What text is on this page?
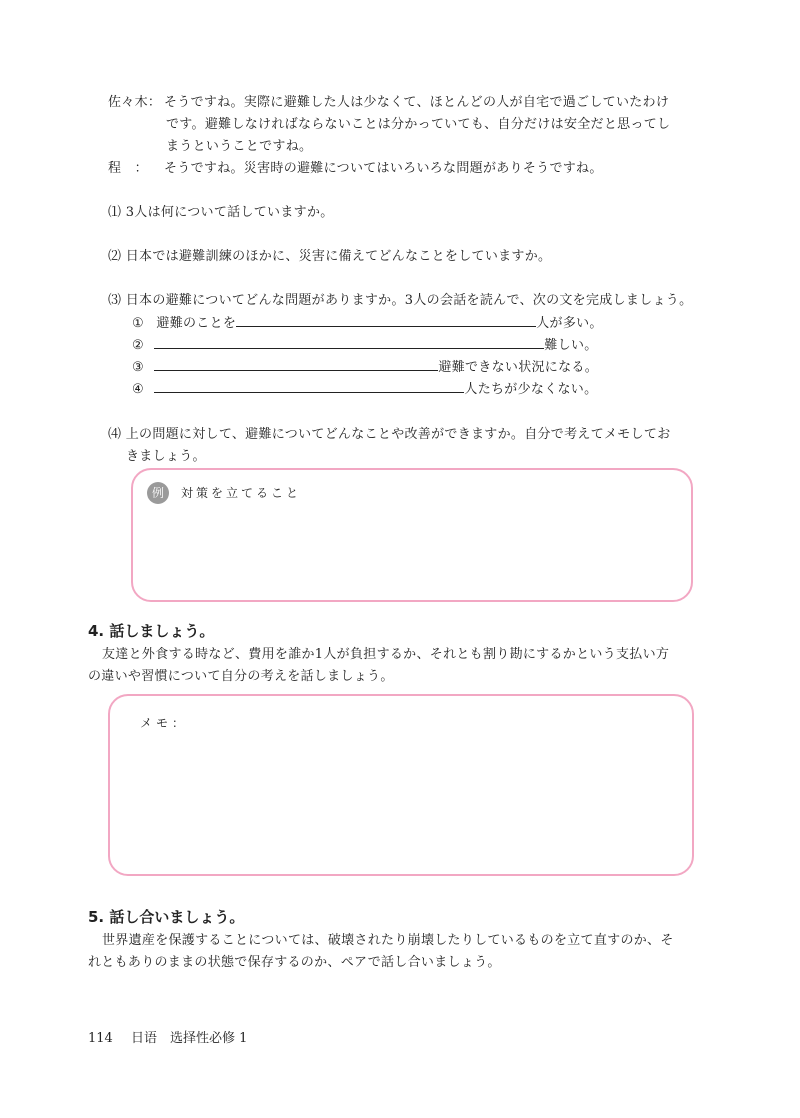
佐々木： そうですね。実際に避難した人は少なくて、ほとんどの人が自宅で過ごしていたわけ
です。避難しなければならないことは分かっていても、自分だけは安全だと思ってし
まうということですね。
程　： そうですね。災害時の避難についてはいろいろな問題がありそうですね。
⑴ 3人は何について話していますか。
⑵ 日本では避難訓練のほかに、災害に備えてどんなことをしていますか。
⑶ 日本の避難についてどんな問題がありますか。3人の会話を読んで、次の文を完成しましょう。
① 避難のことを	人が多い。
②	難しい。
③	避難できない状況になる。
④	人たちが少なくない。
⑷ 上の問題に対して、避難についてどんなことや改善ができますか。自分で考えてメモしてお
きましょう。
例	対策を立てること
4. 話しましょう。
友達と外食する時など、費用を誰か1人が負担するか、それとも割り勘にするかという支払い方
の違いや習慣について自分の考えを話しましょう。
メモ：
5. 話し合いましょう。
世界遺産を保護することについては、破壊されたり崩壊したりしているものを立て直すのか、そ
れともありのままの状態で保存するのか、ペアで話し合いましょう。
114 日语　选择性必修 1
